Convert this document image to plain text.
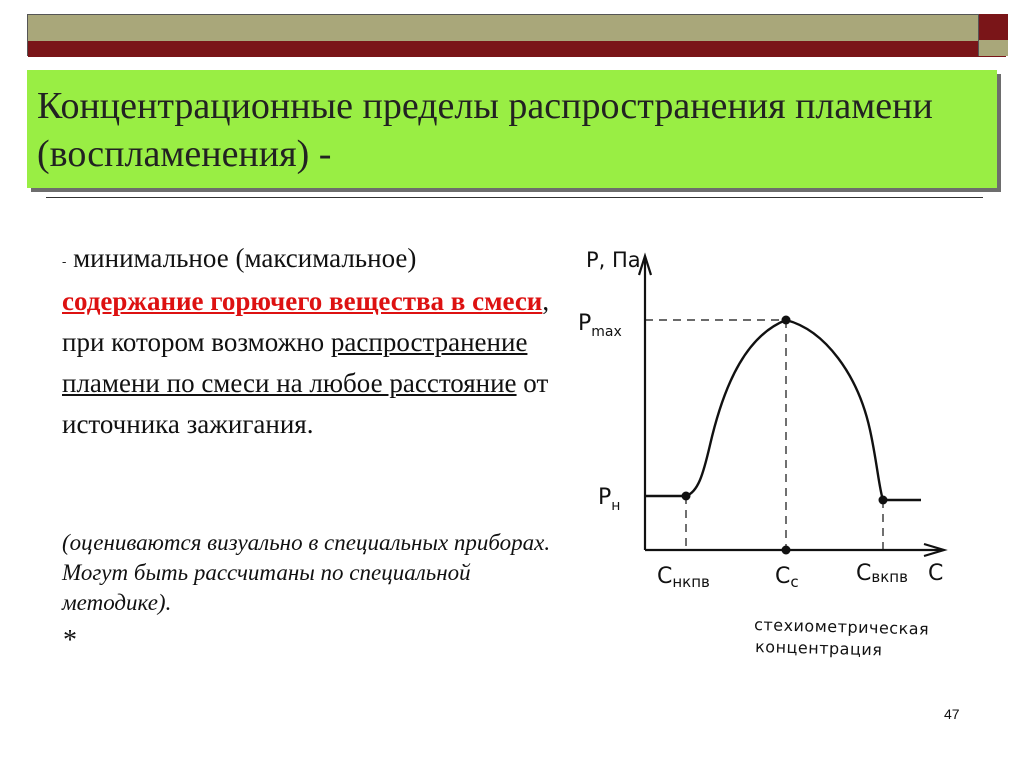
Концентрационные пределы распространения пламени (воспламенения) -
- минимальное (максимальное) содержание горючего вещества в смеси, при котором возможно распространение пламени по смеси на любое расстояние от источника зажигания.
(оцениваются визуально в специальных приборах. Могут быть рассчитаны по специальной методике).
*
47
P, Па
$P_{max}$
$P_н$
Снкпв	Сс	Свкпв С
стехиометрическая
концентрация
